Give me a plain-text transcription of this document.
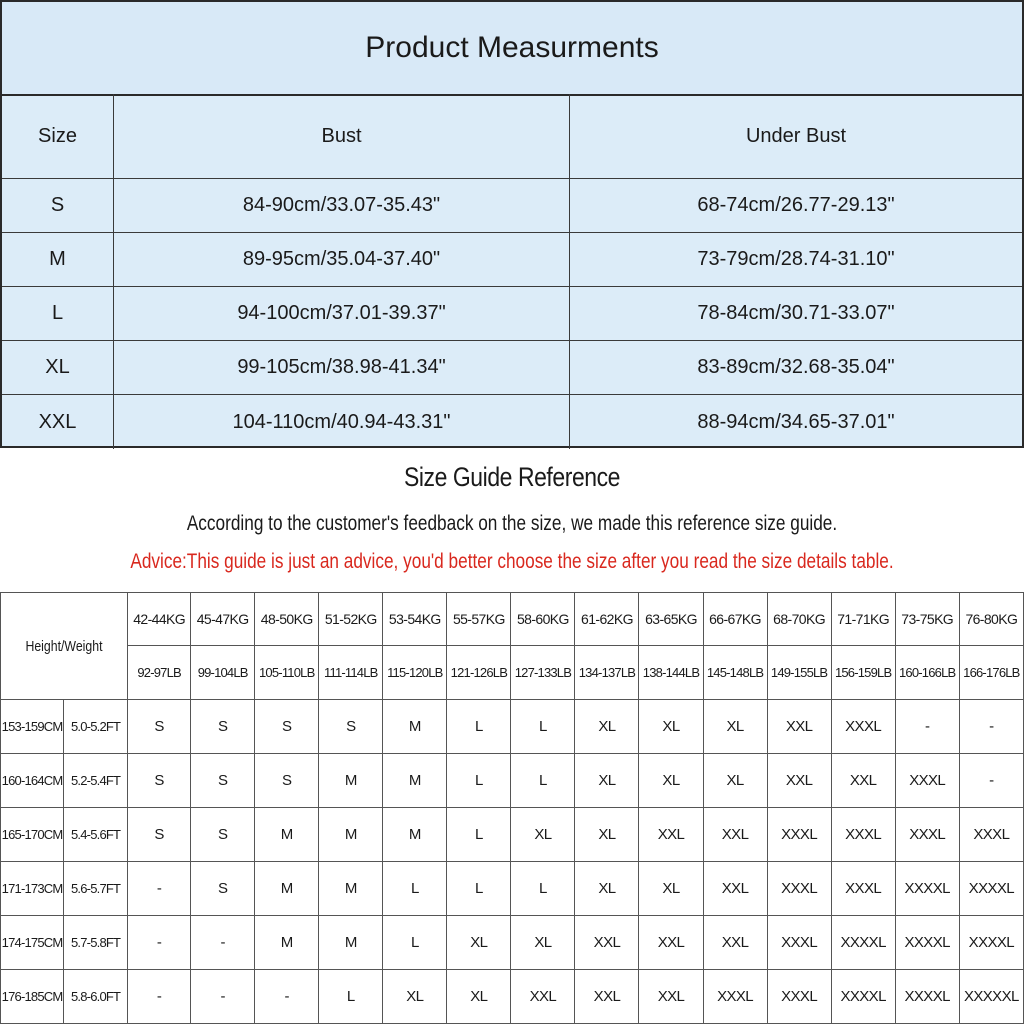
Product Measurments
Size	Bust	Under Bust
S	84-90cm/33.07-35.43"	68-74cm/26.77-29.13"
M	89-95cm/35.04-37.40"	73-79cm/28.74-31.10"
L	94-100cm/37.01-39.37"	78-84cm/30.71-33.07"
XL	99-105cm/38.98-41.34"	83-89cm/32.68-35.04"
XXL	104-110cm/40.94-43.31"	88-94cm/34.65-37.01"
Size Guide Reference
According to the customer's feedback on the size, we made this reference size guide.
Advice:This guide is just an advice, you'd better choose the size after you read the size details table.
Height/Weight		42-44KG	45-47KG	48-50KG	51-52KG	53-54KG	55-57KG	58-60KG	61-62KG	63-65KG	66-67KG	68-70KG	71-71KG	73-75KG	76-80KG
		92-97LB	99-104LB	105-110LB	111-114LB	115-120LB	121-126LB	127-133LB	134-137LB	138-144LB	145-148LB	149-155LB	156-159LB	160-166LB	166-176LB
153-159CM	5.0-5.2FT	S	S	S	S	M	L	L	XL	XL	XL	XXL	XXXL	-	-
160-164CM	5.2-5.4FT	S	S	S	M	M	L	L	XL	XL	XL	XXL	XXL	XXXL	-
165-170CM	5.4-5.6FT	S	S	M	M	M	L	XL	XL	XXL	XXL	XXXL	XXXL	XXXL	XXXL
171-173CM	5.6-5.7FT	-	S	M	M	L	L	L	XL	XL	XXL	XXXL	XXXL	XXXXL	XXXXL
174-175CM	5.7-5.8FT	-	-	M	M	L	XL	XL	XXL	XXL	XXL	XXXL	XXXXL	XXXXL	XXXXL
176-185CM	5.8-6.0FT	-	-	-	L	XL	XL	XXL	XXL	XXL	XXXL	XXXL	XXXXL	XXXXL	XXXXXL
